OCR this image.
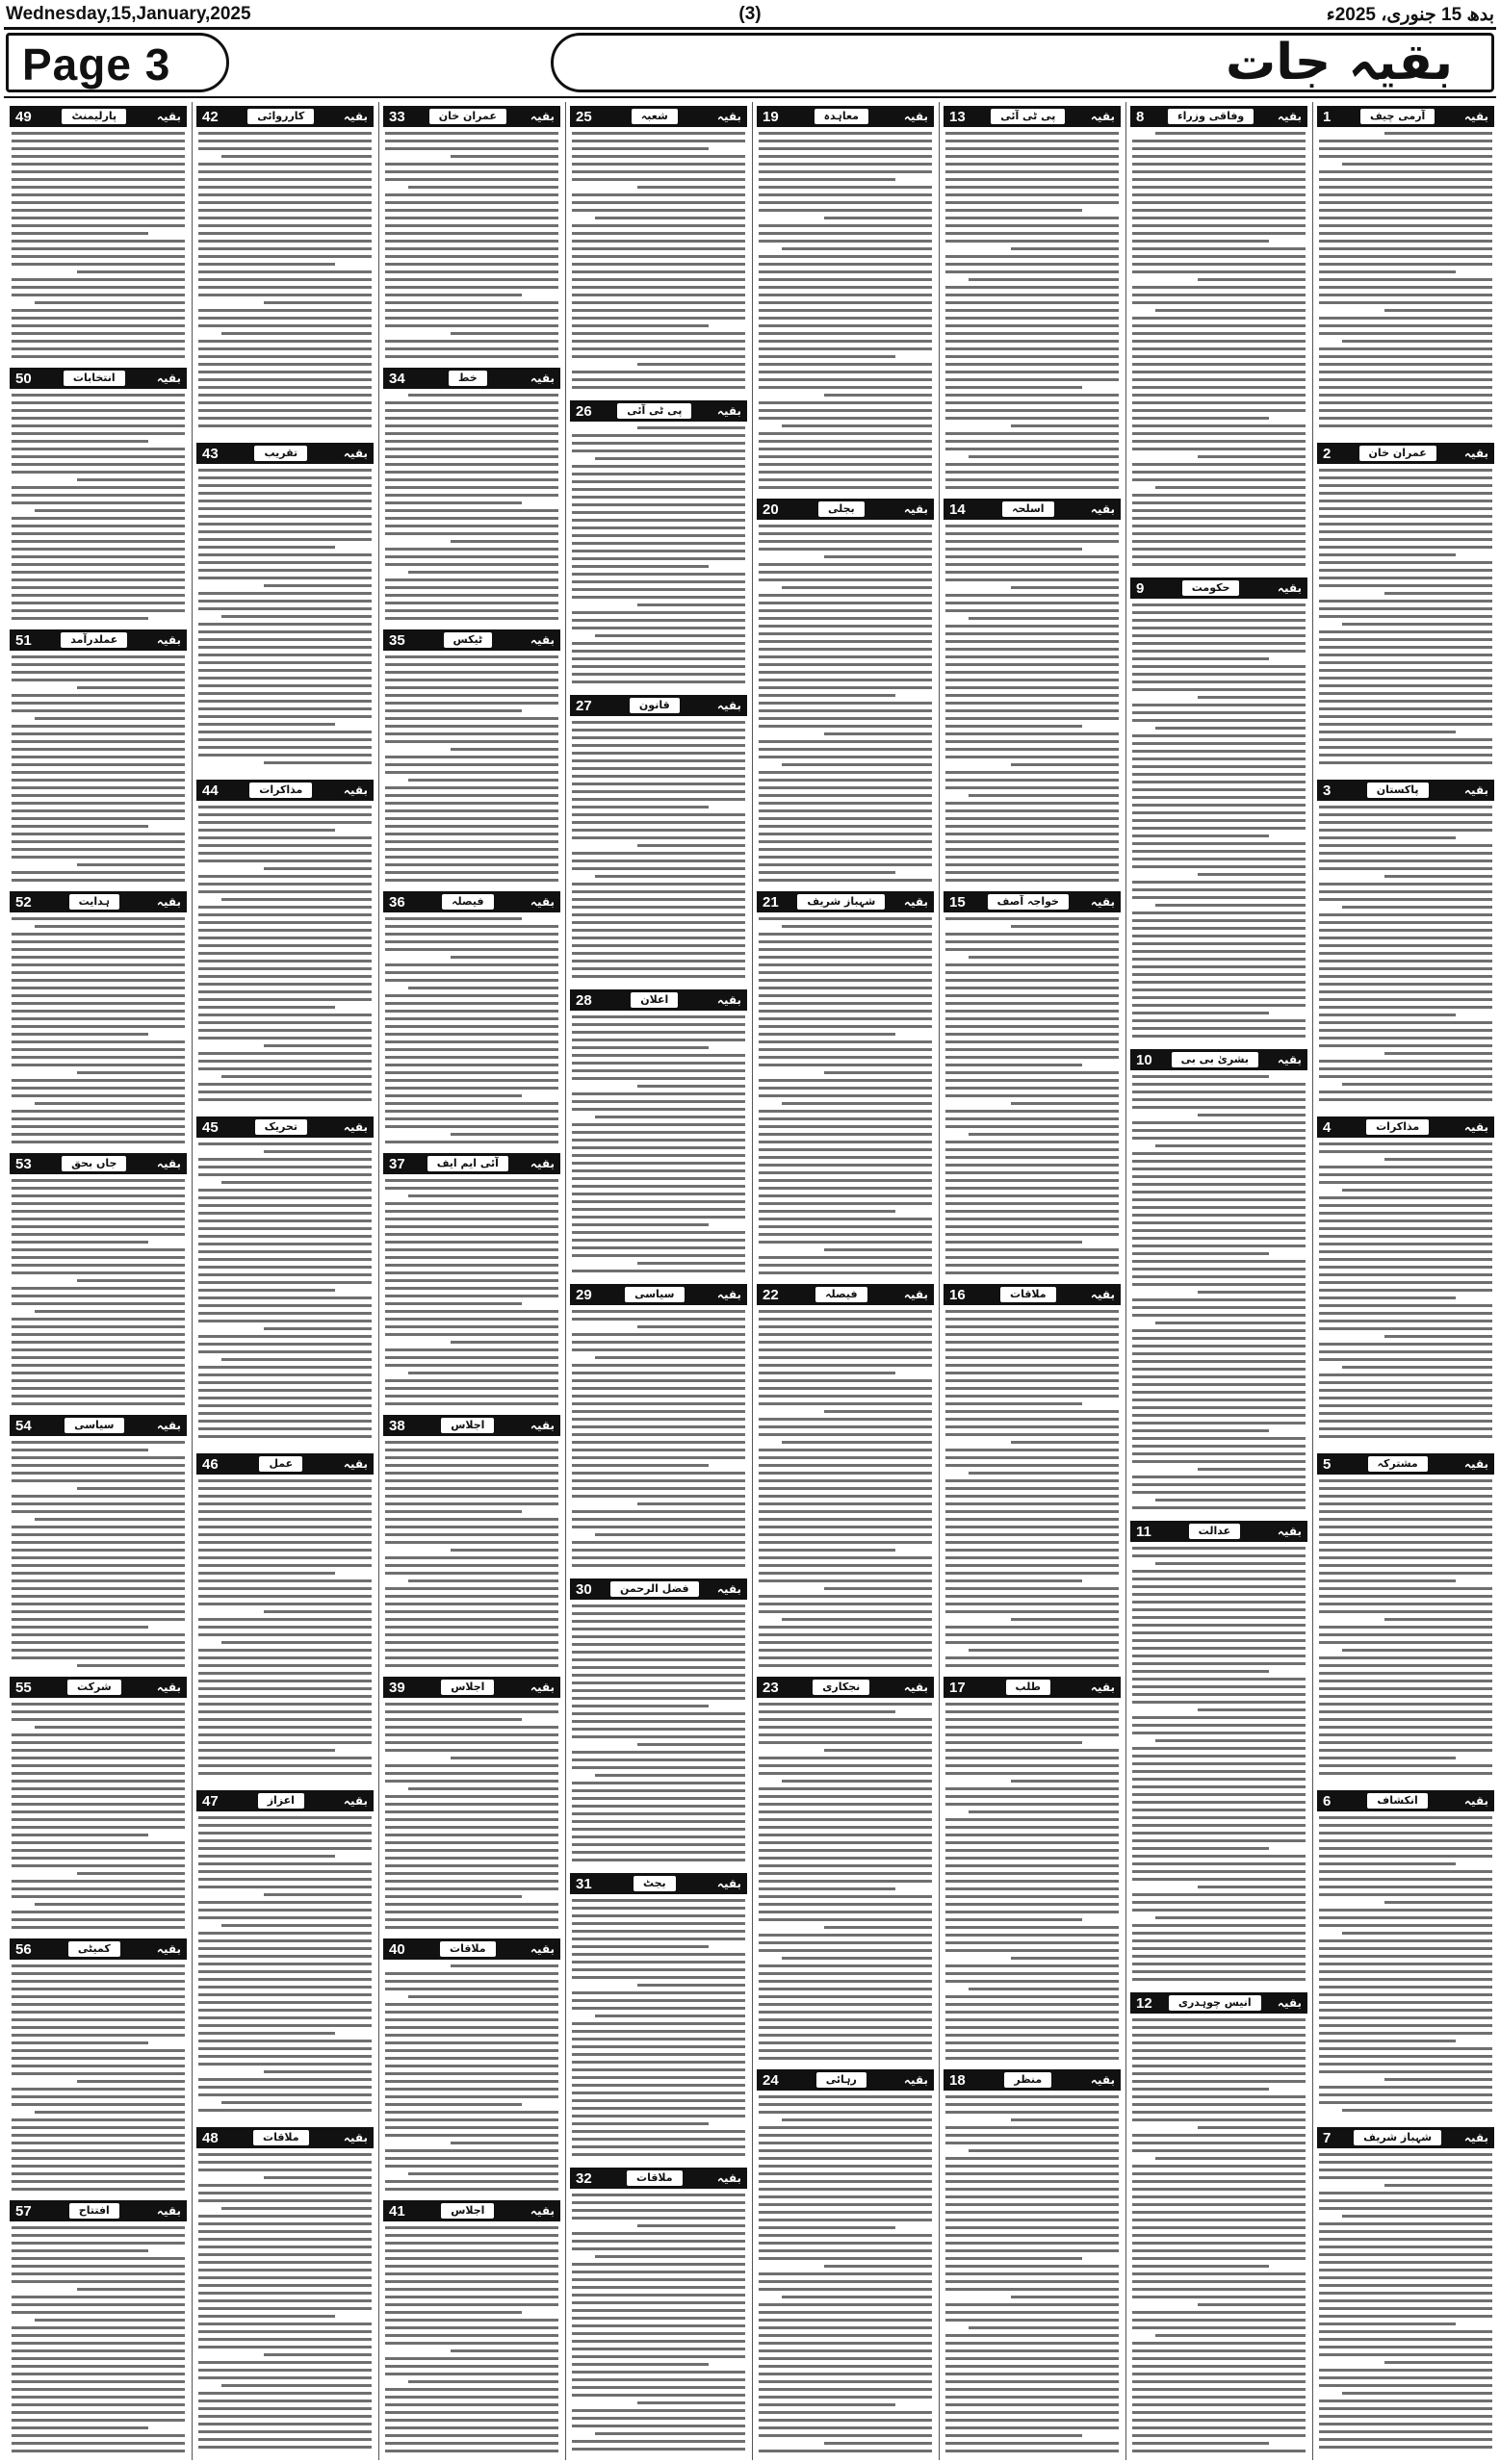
Wednesday,15,January,2025	(3)	بدھ 15 جنوری، 2025ء
Page 3	بقیہ جات
1	آرمی چیف	بقیہ
2	عمران خان	بقیہ
3	پاکستان	بقیہ
4	مذاکرات	بقیہ
5	مشترکہ	بقیہ
6	انکشاف	بقیہ
7	شہباز شریف	بقیہ
8	وفاقی وزراء	بقیہ
9	حکومت	بقیہ
10	بشریٰ بی بی	بقیہ
11	عدالت	بقیہ
12	انیس چوہدری	بقیہ
13	پی ٹی آئی	بقیہ
14	اسلحہ	بقیہ
15	خواجہ آصف	بقیہ
16	ملاقات	بقیہ
17	طلب	بقیہ
18	منظر	بقیہ
19	معاہدہ	بقیہ
20	بجلی	بقیہ
21	شہباز شریف	بقیہ
22	فیصلہ	بقیہ
23	نجکاری	بقیہ
24	رہائی	بقیہ
25	شعبہ	بقیہ
26	پی ٹی آئی	بقیہ
27	قانون	بقیہ
28	اعلان	بقیہ
29	سیاسی	بقیہ
30	فضل الرحمن	بقیہ
31	بجٹ	بقیہ
32	ملاقات	بقیہ
33	عمران خان	بقیہ
34	خط	بقیہ
35	ٹیکس	بقیہ
36	فیصلہ	بقیہ
37	آئی ایم ایف	بقیہ
38	اجلاس	بقیہ
39	اجلاس	بقیہ
40	ملاقات	بقیہ
41	اجلاس	بقیہ
42	کارروائی	بقیہ
43	تقریب	بقیہ
44	مذاکرات	بقیہ
45	تحریک	بقیہ
46	عمل	بقیہ
47	اعزاز	بقیہ
48	ملاقات	بقیہ
49	پارلیمنٹ	بقیہ
50	انتخابات	بقیہ
51	عملدرآمد	بقیہ
52	ہدایت	بقیہ
53	جاں بحق	بقیہ
54	سیاسی	بقیہ
55	شرکت	بقیہ
56	کمیٹی	بقیہ
57	افتتاح	بقیہ
